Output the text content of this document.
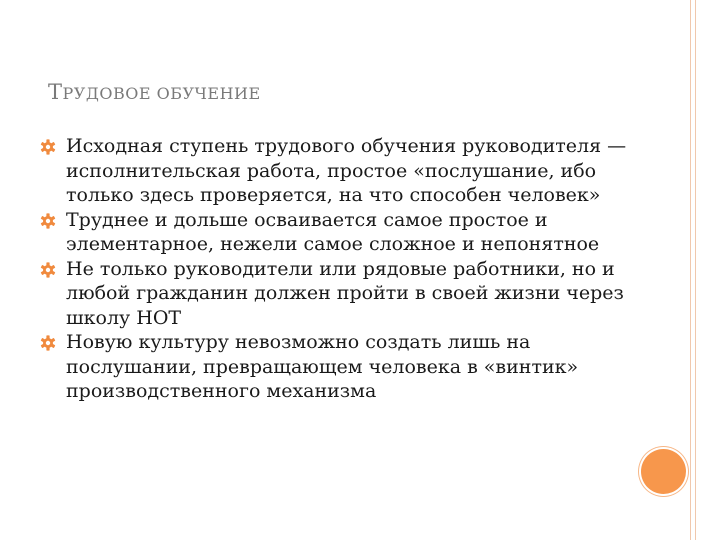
ТРУДОВОЕ ОБУЧЕНИЕ
Исходная ступень трудового обучения руководителя — исполнительская работа, простое «послушание, ибо только здесь проверяется, на что способен человек»
Труднее и дольше осваивается самое простое и элементарное, нежели самое сложное и непонятное
Не только руководители или рядовые работники, но и любой гражданин должен пройти в своей жизни через школу НОТ
Новую культуру невозможно создать лишь на послушании, превращающем человека в «винтик» производственного механизма
